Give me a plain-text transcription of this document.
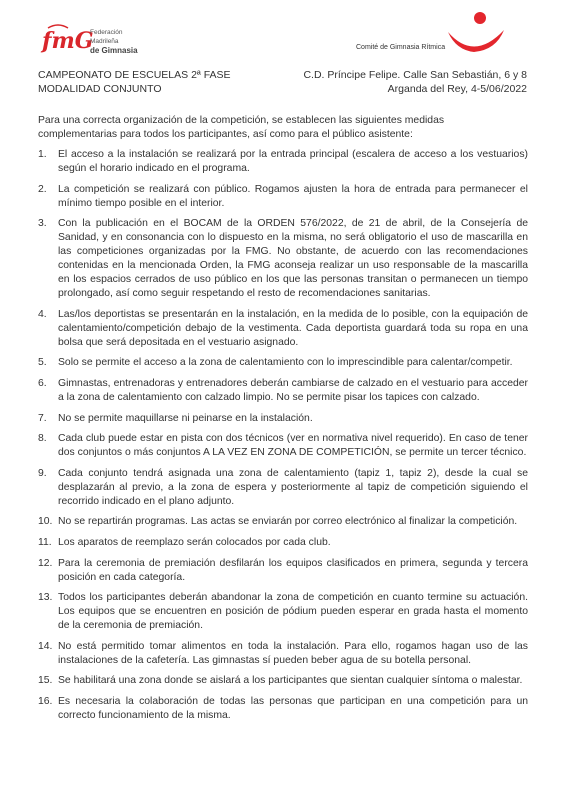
fmG
Federación Madrileña
de Gimnasia	Comité de Gimnasia Rítmica
CAMPEONATO DE ESCUELAS 2ª FASE
MODALIDAD CONJUNTO
C.D. Príncipe Felipe. Calle San Sebastián, 6 y 8
Arganda del Rey, 4-5/06/2022

Para una correcta organización de la competición, se establecen las siguientes medidas complementarias para todos los participantes, así como para el público asistente:

1.	El acceso a la instalación se realizará por la entrada principal (escalera de acceso a los vestuarios) según el horario indicado en el programa.
2.	La competición se realizará con público. Rogamos ajusten la hora de entrada para permanecer el mínimo tiempo posible en el interior.
3.	Con la publicación en el BOCAM de la ORDEN 576/2022, de 21 de abril, de la Consejería de Sanidad, y en consonancia con lo dispuesto en la misma, no será obligatorio el uso de mascarilla en las competiciones organizadas por la FMG. No obstante, de acuerdo con las recomendaciones contenidas en la mencionada Orden, la FMG aconseja realizar un uso responsable de la mascarilla en los espacios cerrados de uso público en los que las personas transitan o permanecen un tiempo prolongado, así como seguir respetando el resto de recomendaciones sanitarias.
4.	Las/los deportistas se presentarán en la instalación, en la medida de lo posible, con la equipación de calentamiento/competición debajo de la vestimenta. Cada deportista guardará toda su ropa en una bolsa que será depositada en el vestuario asignado.
5.	Solo se permite el acceso a la zona de calentamiento con lo imprescindible para calentar/competir.
6.	Gimnastas, entrenadoras y entrenadores deberán cambiarse de calzado en el vestuario para acceder a la zona de calentamiento con calzado limpio. No se permite pisar los tapices con calzado.
7.	No se permite maquillarse ni peinarse en la instalación.
8.	Cada club puede estar en pista con dos técnicos (ver en normativa nivel requerido). En caso de tener dos conjuntos o más conjuntos A LA VEZ EN ZONA DE COMPETICIÓN, se permite un tercer técnico.
9.	Cada conjunto tendrá asignada una zona de calentamiento (tapiz 1, tapiz 2), desde la cual se desplazarán al previo, a la zona de espera y posteriormente al tapiz de competición siguiendo el recorrido indicado en el plano adjunto.
10. No se repartirán programas. Las actas se enviarán por correo electrónico al finalizar la competición.
11. Los aparatos de reemplazo serán colocados por cada club.
12. Para la ceremonia de premiación desfilarán los equipos clasificados en primera, segunda y tercera posición en cada categoría.
13. Todos los participantes deberán abandonar la zona de competición en cuanto termine su actuación. Los equipos que se encuentren en posición de pódium pueden esperar en grada hasta el momento de la ceremonia de premiación.
14. No está permitido tomar alimentos en toda la instalación. Para ello, rogamos hagan uso de las instalaciones de la cafetería. Las gimnastas sí pueden beber agua de su botella personal.
15. Se habilitará una zona donde se aislará a los participantes que sientan cualquier síntoma o malestar.
16. Es necesaria la colaboración de todas las personas que participan en una competición para un correcto funcionamiento de la misma.
